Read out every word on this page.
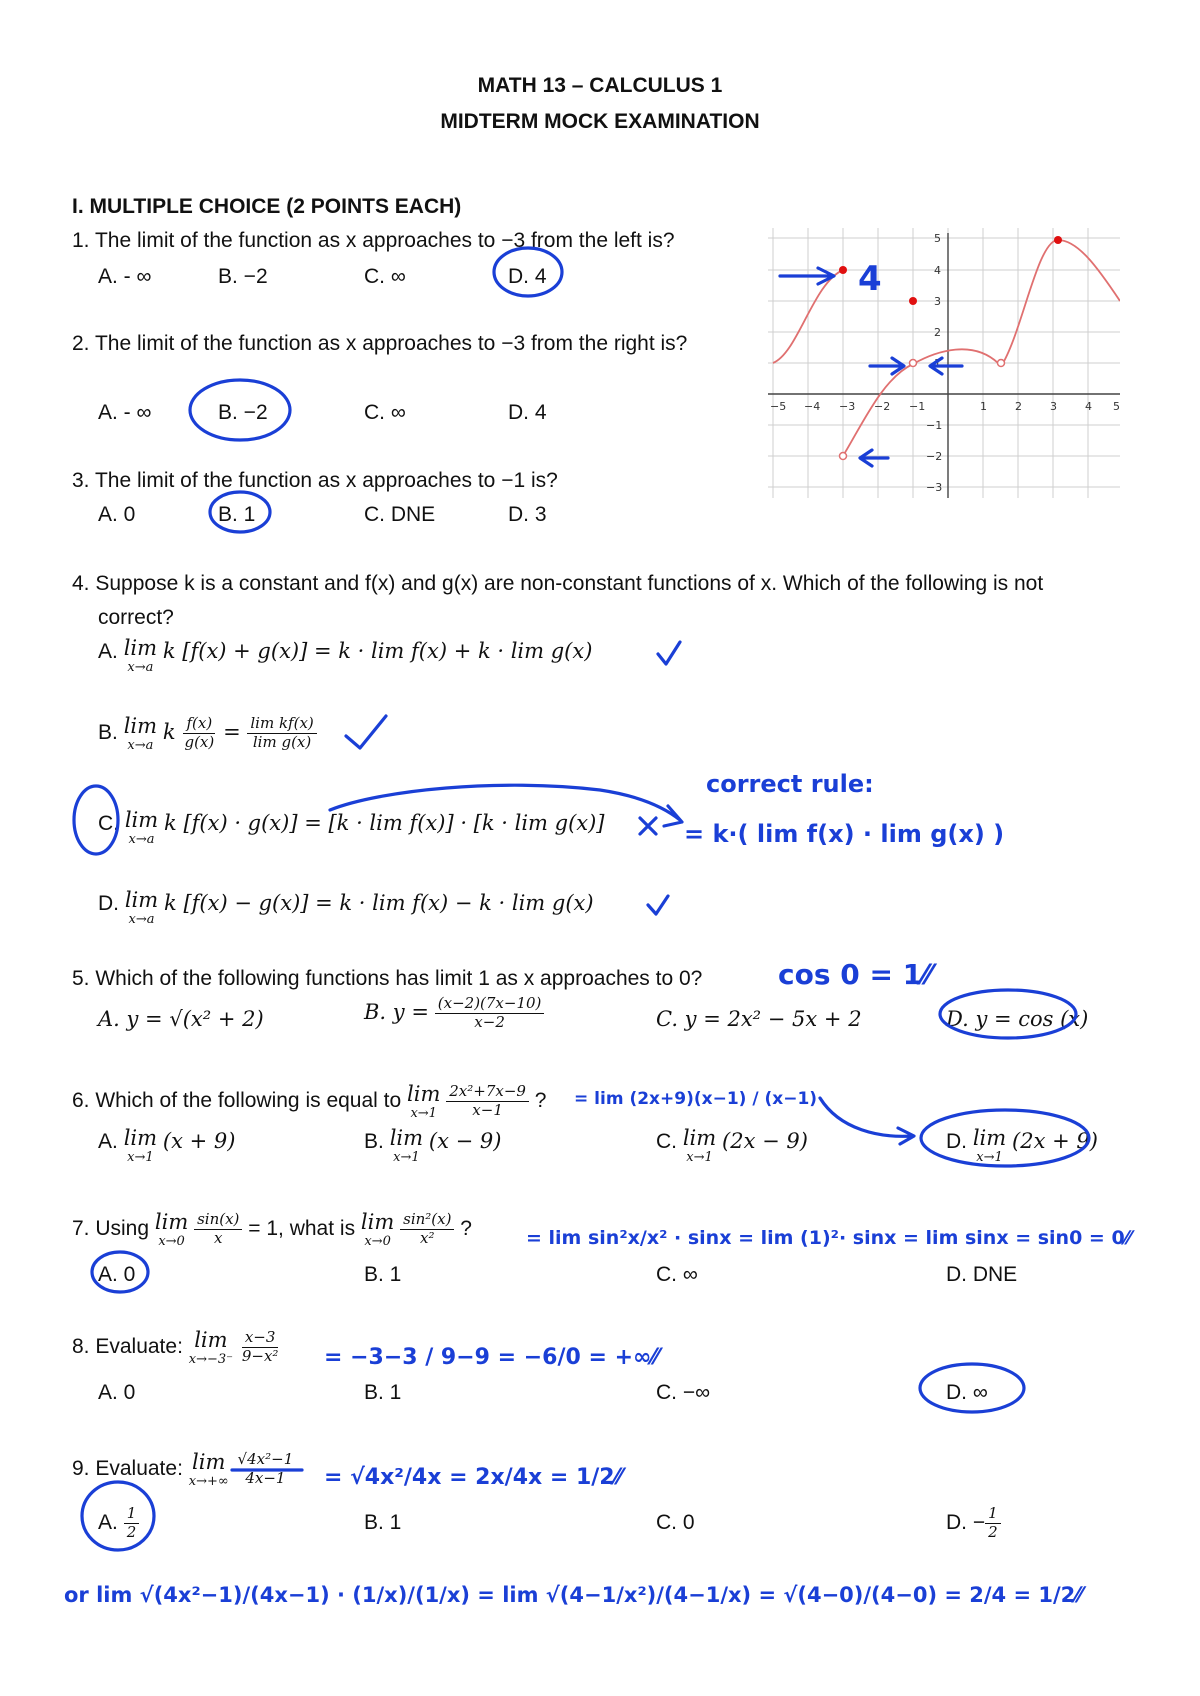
MATH 13 – CALCULUS 1
MIDTERM MOCK EXAMINATION
I. MULTIPLE CHOICE (2 POINTS EACH)
1. The limit of the function as x approaches to −3 from the left is?
A. - ∞	B. −2	C. ∞	D. 4
2. The limit of the function as x approaches to −3 from the right is?
A. - ∞	B. −2	C. ∞	D. 4
3. The limit of the function as x approaches to −1 is?
A. 0	B. 1	C. DNE	D. 3
−5 −4 −3 −2 −1	1	2	3	4 5
5
4
3
2
1
−1
−2
−3
4. Suppose k is a constant and f(x) and g(x) are non-constant functions of x. Which of the following is not
correct?
A. lim
x→a
k [f(x) + g(x)] = k · lim f(x) + k · lim g(x)
B. lim
x→a
k $\frac{f(x)}{g(x)} = \frac{\text{lim kf(x)}}{\text{lim g(x)}}$
C. lim
x→a
k [f(x) · g(x)] = [k · lim f(x)] · [k · lim g(x)]
D. lim
x→a
k [f(x) − g(x)] = k · lim f(x) − k · lim g(x)
5. Which of the following functions has limit 1 as x approaches to 0?
A. y = √(x² + 2)	B. $y = \frac{(x-2)(7x-10)}{x-2}$	C. y = 2x² − 5x + 2	D. y = cos (x)
6. Which of the following is equal to lim
x→1
$\frac{\text{2x²+7x−9}}{x-1}$ ?
A. lim
x→1
(x + 9)	B. lim
x→1
(x − 9)	C. lim
x→1
(2x − 9)	D. lim
x→1
(2x + 9)
7. Using lim
x→0
$\frac{\sin(x)}{x} = 1$, what is lim
x→0
$\frac{\text{sin²(x)}}{\text{x²}}$ ?
A. 0	B. 1	C. ∞	D. DNE
8. Evaluate: lim
x→−3⁻
$\frac{x-3}{\text{9−x²}}$
A. 0	B. 1	C. −∞	D. ∞
9. Evaluate: lim
x→+∞
$\frac{\text{√4x²−1}}{4x-1}$
A. $\frac{1}{2}$	B. 1	C. 0	D. − $\frac{1}{2}$
4
correct rule:
= k·( lim f(x) · lim g(x) )
cos 0 = 1⁄⁄
= lim (2x+9)(x−1) / (x−1)
= lim sin²x/x² · sinx = lim (1)²· sinx = lim sinx = sin0 = 0⁄⁄
= −3−3 / 9−9 = −6/0 = +∞⁄⁄
= √4x²/4x = 2x/4x = 1/2⁄⁄
or lim √(4x²−1)/(4x−1) · (1/x)/(1/x) = lim √(4−1/x²)/(4−1/x) = √(4−0)/(4−0) = 2/4 = 1/2⁄⁄
